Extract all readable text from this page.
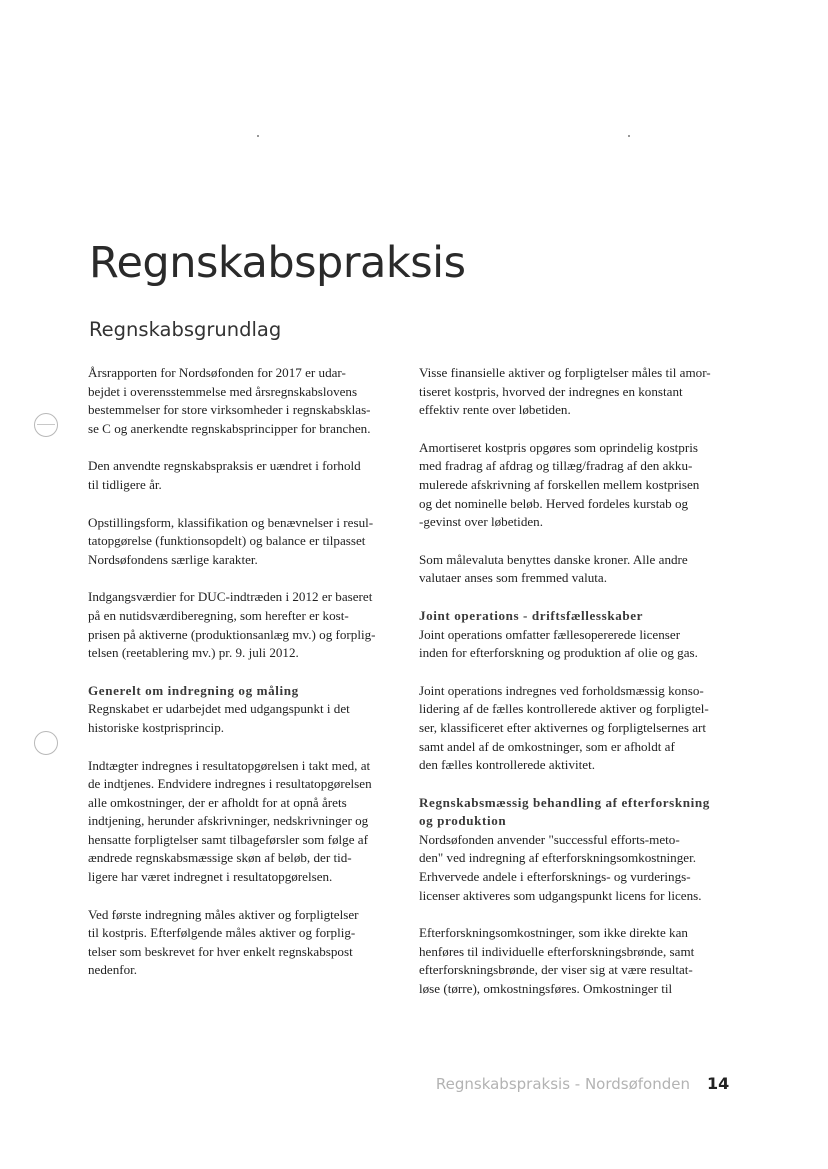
Regnskabspraksis
Regnskabsgrundlag
Årsrapporten for Nordsøfonden for 2017 er udar-
bejdet i overensstemmelse med årsregnskabslovens
bestemmelser for store virksomheder i regnskabsklas-
se C og anerkendte regnskabsprincipper for branchen.
Den anvendte regnskabspraksis er uændret i forhold
til tidligere år.
Opstillingsform, klassifikation og benævnelser i resul-
tatopgørelse (funktionsopdelt) og balance er tilpasset
Nordsøfondens særlige karakter.
Indgangsværdier for DUC-indtræden i 2012 er baseret
på en nutidsværdiberegning, som herefter er kost-
prisen på aktiverne (produktionsanlæg mv.) og forplig-
telsen (reetablering mv.) pr. 9. juli 2012.
Generelt om indregning og måling
Regnskabet er udarbejdet med udgangspunkt i det
historiske kostprisprincip.
Indtægter indregnes i resultatopgørelsen i takt med, at
de indtjenes. Endvidere indregnes i resultatopgørelsen
alle omkostninger, der er afholdt for at opnå årets
indtjening, herunder afskrivninger, nedskrivninger og
hensatte forpligtelser samt tilbageførsler som følge af
ændrede regnskabsmæssige skøn af beløb, der tid-
ligere har været indregnet i resultatopgørelsen.
Ved første indregning måles aktiver og forpligtelser
til kostpris. Efterfølgende måles aktiver og forplig-
telser som beskrevet for hver enkelt regnskabspost
nedenfor.
Visse finansielle aktiver og forpligtelser måles til amor-
tiseret kostpris, hvorved der indregnes en konstant
effektiv rente over løbetiden.
Amortiseret kostpris opgøres som oprindelig kostpris
med fradrag af afdrag og tillæg/fradrag af den akku-
mulerede afskrivning af forskellen mellem kostprisen
og det nominelle beløb. Herved fordeles kurstab og
-gevinst over løbetiden.
Som målevaluta benyttes danske kroner. Alle andre
valutaer anses som fremmed valuta.
Joint operations - driftsfællesskaber
Joint operations omfatter fællesopererede licenser
inden for efterforskning og produktion af olie og gas.
Joint operations indregnes ved forholdsmæssig konso-
lidering af de fælles kontrollerede aktiver og forpligtel-
ser, klassificeret efter aktivernes og forpligtelsernes art
samt andel af de omkostninger, som er afholdt af
den fælles kontrollerede aktivitet.
Regnskabsmæssig behandling af efterforskning
og produktion
Nordsøfonden anvender "successful efforts-meto-
den" ved indregning af efterforskningsomkostninger.
Erhvervede andele i efterforsknings- og vurderings-
licenser aktiveres som udgangspunkt licens for licens.
Efterforskningsomkostninger, som ikke direkte kan
henføres til individuelle efterforskningsbrønde, samt
efterforskningsbrønde, der viser sig at være resultat-
løse (tørre), omkostningsføres. Omkostninger til
Regnskabspraksis - Nordsøfonden 14
